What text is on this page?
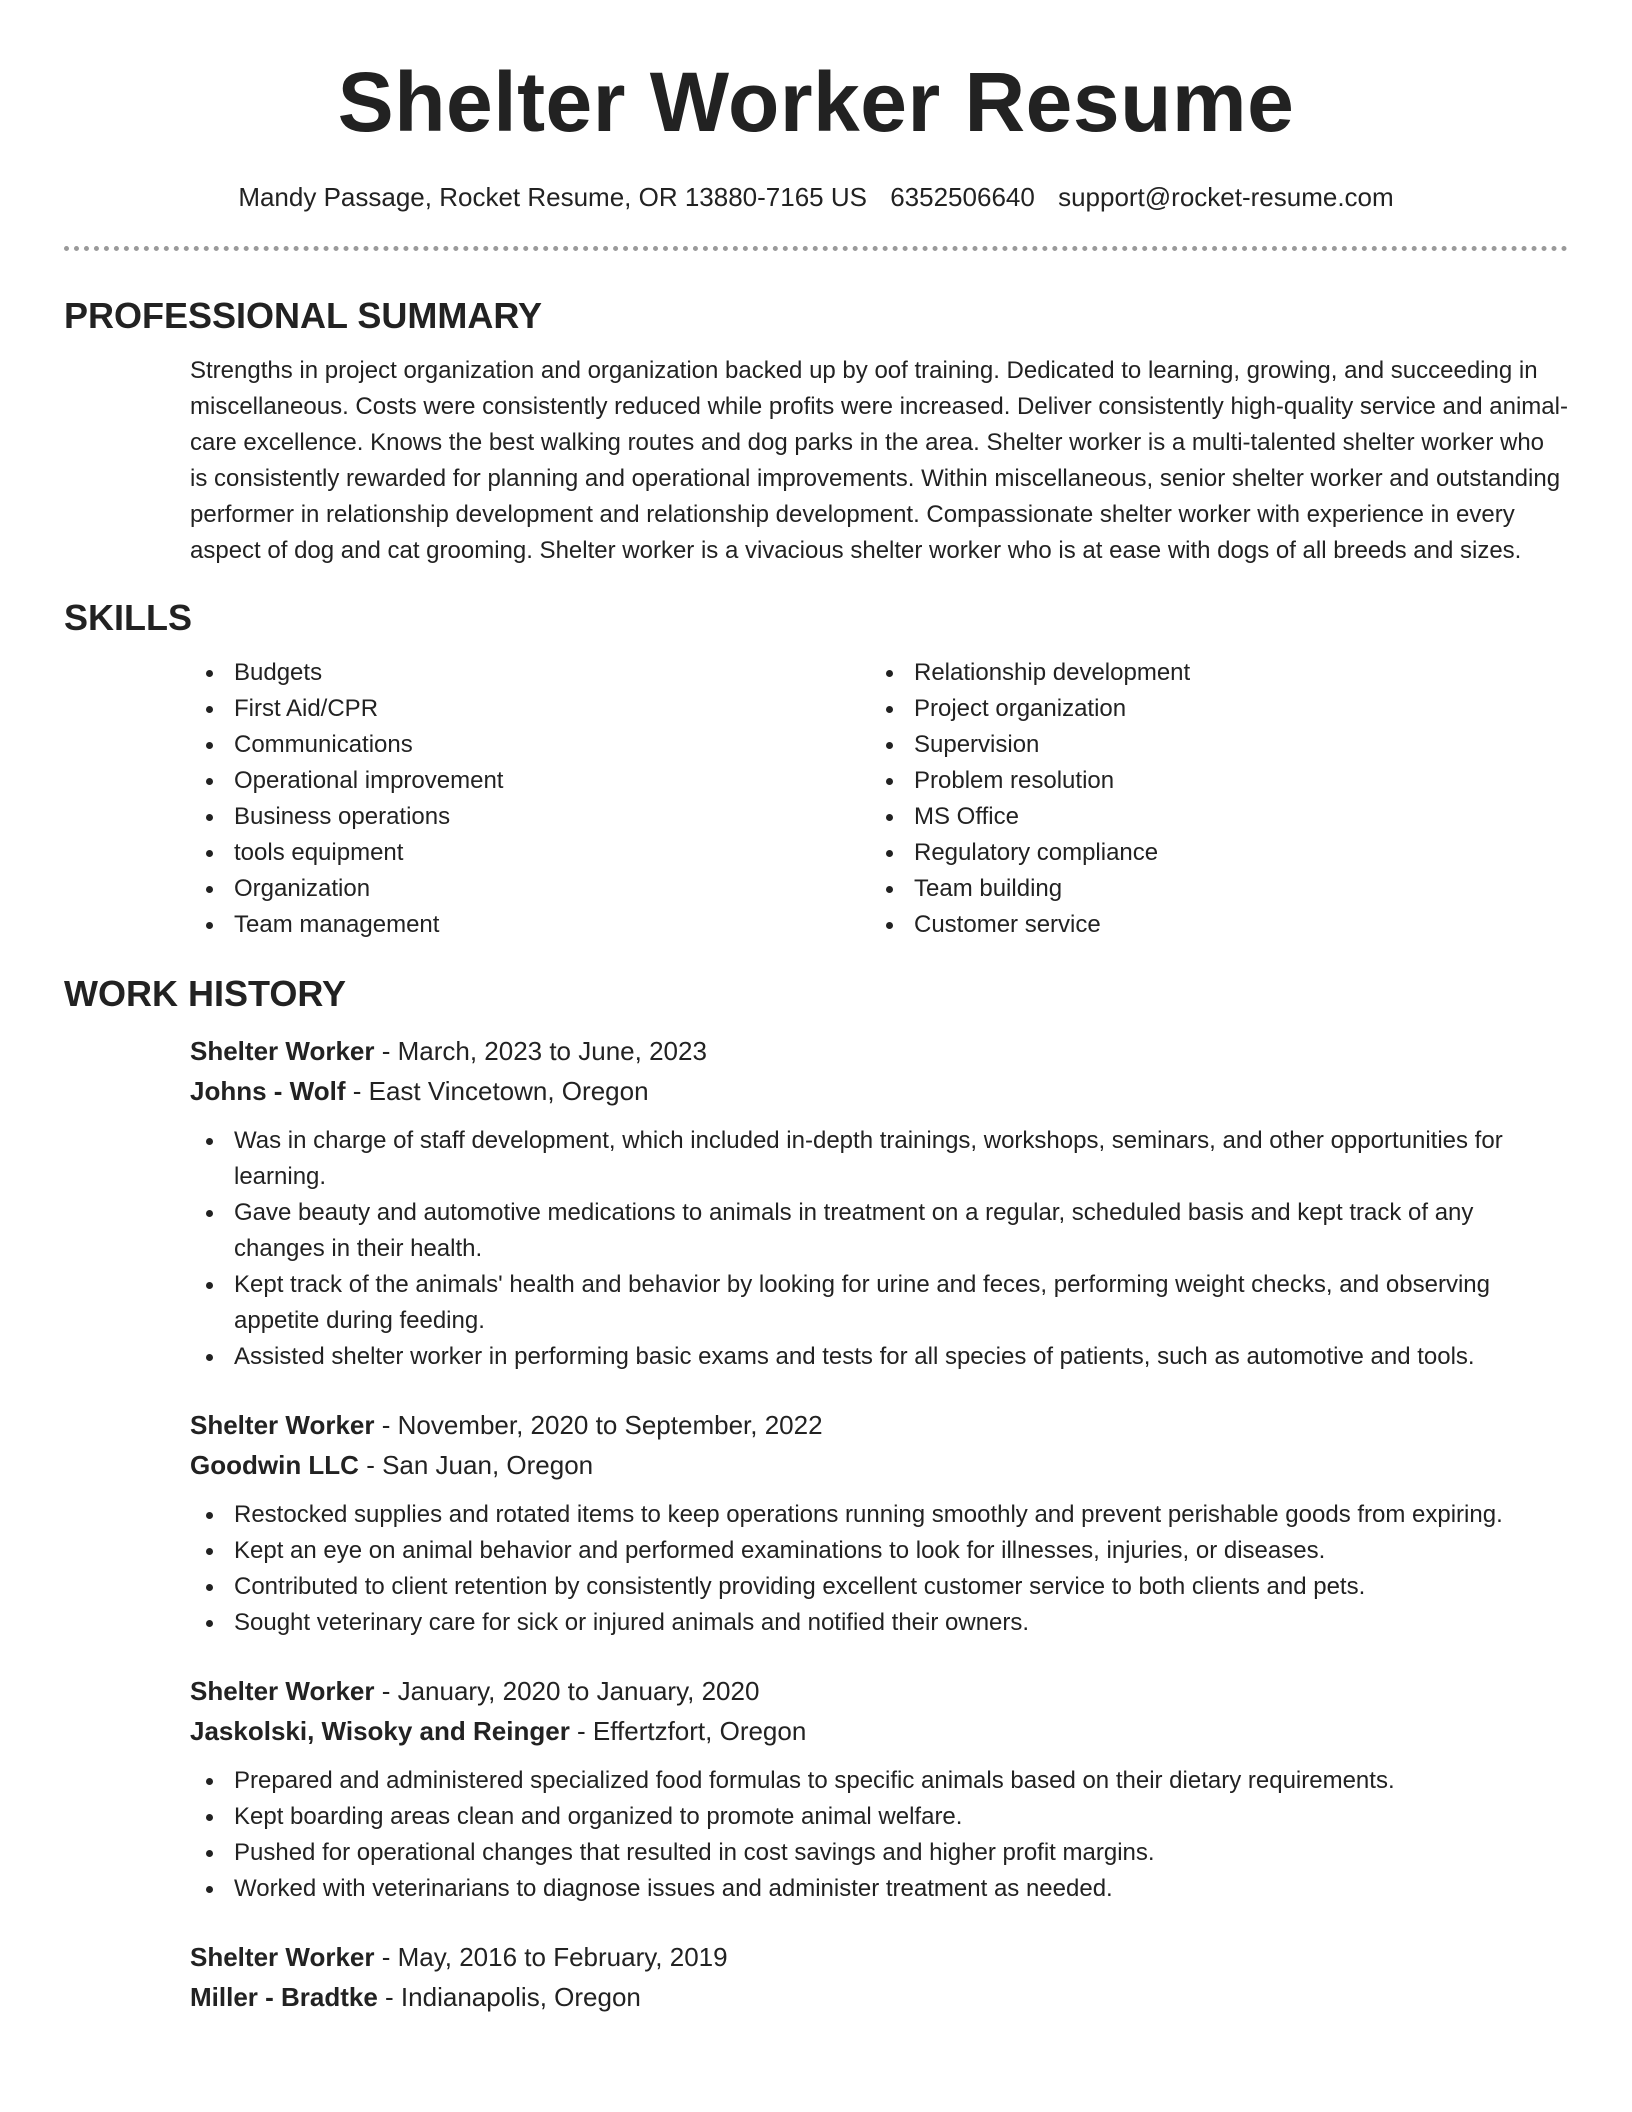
Shelter Worker Resume
Mandy Passage, Rocket Resume, OR 13880-7165 US 6352506640 support@rocket-resume.com
PROFESSIONAL SUMMARY

Strengths in project organization and organization backed up by oof training. Dedicated to learning, growing, and succeeding in miscellaneous. Costs were consistently reduced while profits were increased. Deliver consistently high-quality service and animal-care excellence. Knows the best walking routes and dog parks in the area. Shelter worker is a multi-talented shelter worker who is consistently rewarded for planning and operational improvements. Within miscellaneous, senior shelter worker and outstanding performer in relationship development and relationship development. Compassionate shelter worker with experience in every aspect of dog and cat grooming. Shelter worker is a vivacious shelter worker who is at ease with dogs of all breeds and sizes.

SKILLS
Budgets
First Aid/CPR
Communications
Operational improvement
Business operations
tools equipment
Organization
Team management
Relationship development
Project organization
Supervision
Problem resolution
MS Office
Regulatory compliance
Team building
Customer service
WORK HISTORY
Shelter Worker - March, 2023 to June, 2023
Johns - Wolf - East Vincetown, Oregon
Was in charge of staff development, which included in-depth trainings, workshops, seminars, and other opportunities for learning.
Gave beauty and automotive medications to animals in treatment on a regular, scheduled basis and kept track of any changes in their health.
Kept track of the animals' health and behavior by looking for urine and feces, performing weight checks, and observing appetite during feeding.
Assisted shelter worker in performing basic exams and tests for all species of patients, such as automotive and tools.
Shelter Worker - November, 2020 to September, 2022
Goodwin LLC - San Juan, Oregon
Restocked supplies and rotated items to keep operations running smoothly and prevent perishable goods from expiring.
Kept an eye on animal behavior and performed examinations to look for illnesses, injuries, or diseases.
Contributed to client retention by consistently providing excellent customer service to both clients and pets.
Sought veterinary care for sick or injured animals and notified their owners.
Shelter Worker - January, 2020 to January, 2020
Jaskolski, Wisoky and Reinger - Effertzfort, Oregon
Prepared and administered specialized food formulas to specific animals based on their dietary requirements.
Kept boarding areas clean and organized to promote animal welfare.
Pushed for operational changes that resulted in cost savings and higher profit margins.
Worked with veterinarians to diagnose issues and administer treatment as needed.
Shelter Worker - May, 2016 to February, 2019
Miller - Bradtke - Indianapolis, Oregon
